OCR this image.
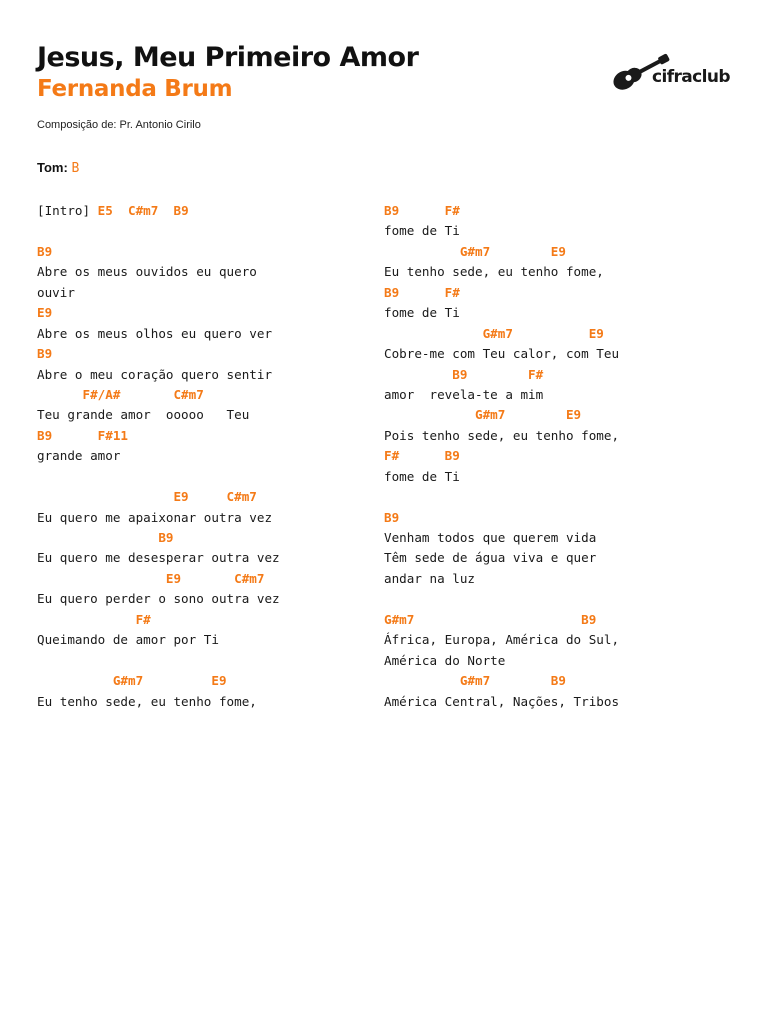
Jesus, Meu Primeiro Amor
Fernanda Brum
Composição de: Pr. Antonio Cirilo
Tom: B
cifraclub
[Intro] E5  C#m7  B9
B9
Abre os meus ouvidos eu quero
ouvir
E9
Abre os meus olhos eu quero ver
B9
Abre o meu coração quero sentir
F#/A#       C#m7
Teu grande amor  ooooo   Teu
B9      F#11
grande amor
E9     C#m7
Eu quero me apaixonar outra vez
B9
Eu quero me desesperar outra vez
E9       C#m7
Eu quero perder o sono outra vez
F#
Queimando de amor por Ti
G#m7         E9
Eu tenho sede, eu tenho fome,
B9      F#
fome de Ti
G#m7        E9
Eu tenho sede, eu tenho fome,
B9      F#
fome de Ti
G#m7          E9
Cobre-me com Teu calor, com Teu
B9        F#
amor  revela-te a mim
G#m7        E9
Pois tenho sede, eu tenho fome,
F#      B9
fome de Ti
B9
Venham todos que querem vida
Têm sede de água viva e quer
andar na luz
G#m7                      B9
África, Europa, América do Sul,
América do Norte
G#m7        B9
América Central, Nações, Tribos
